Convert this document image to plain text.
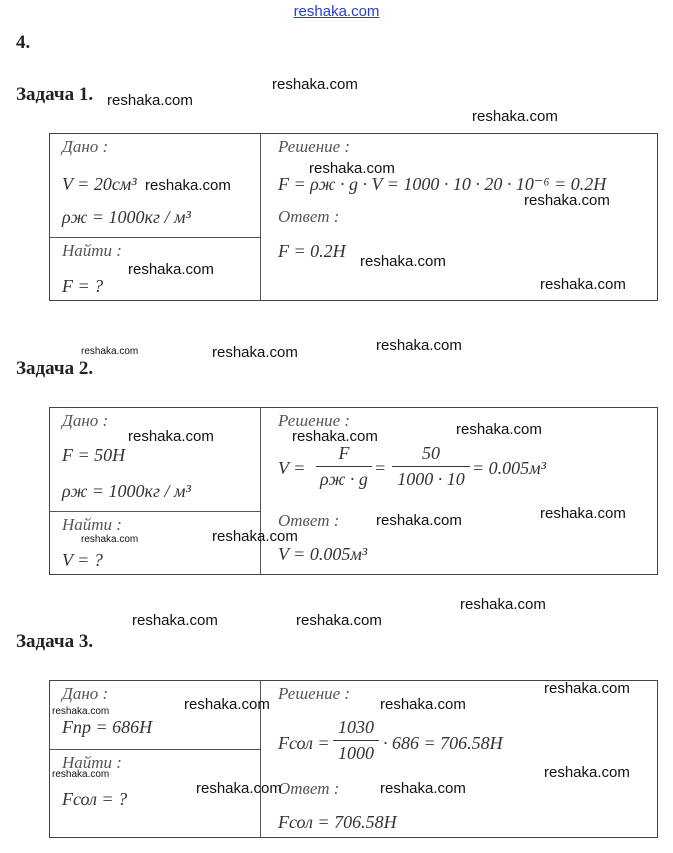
reshaka.com
4.
Задача 1.
Дано :
V = 20см³
ρж = 1000кг / м³
Найти :
F = ?
Решение :
F = ρж · g · V = 1000 · 10 · 20 · 10⁻⁶ = 0.2H
Ответ :
F = 0.2H
Задача 2.
Дано :
F = 50H
ρж = 1000кг / м³
Найти :
V = ?
Решение :
V =
F
ρж · g
=
50
1000 · 10
= 0.005м³
Ответ :
V = 0.005м³
Задача 3.
Дано :
Fпр = 686H
Найти :
Fсол = ?
Решение :
Fсол =
1030
1000 · 686 = 706.58H
Ответ :
Fсол = 706.58H
reshaka.com
reshaka.com
reshaka.com
reshaka.com
reshaka.com
reshaka.com
reshaka.com	reshaka.com
reshaka.com
reshaka.com	reshaka.com	reshaka.com
reshaka.com	reshaka.com	reshaka.com
reshaka.com
reshaka.com
reshaka.com	reshaka.com
reshaka.com
reshaka.com	reshaka.com
reshaka.com
reshaka.com	reshaka.com	reshaka.com
reshaka.com	reshaka.com
reshaka.com	reshaka.com
